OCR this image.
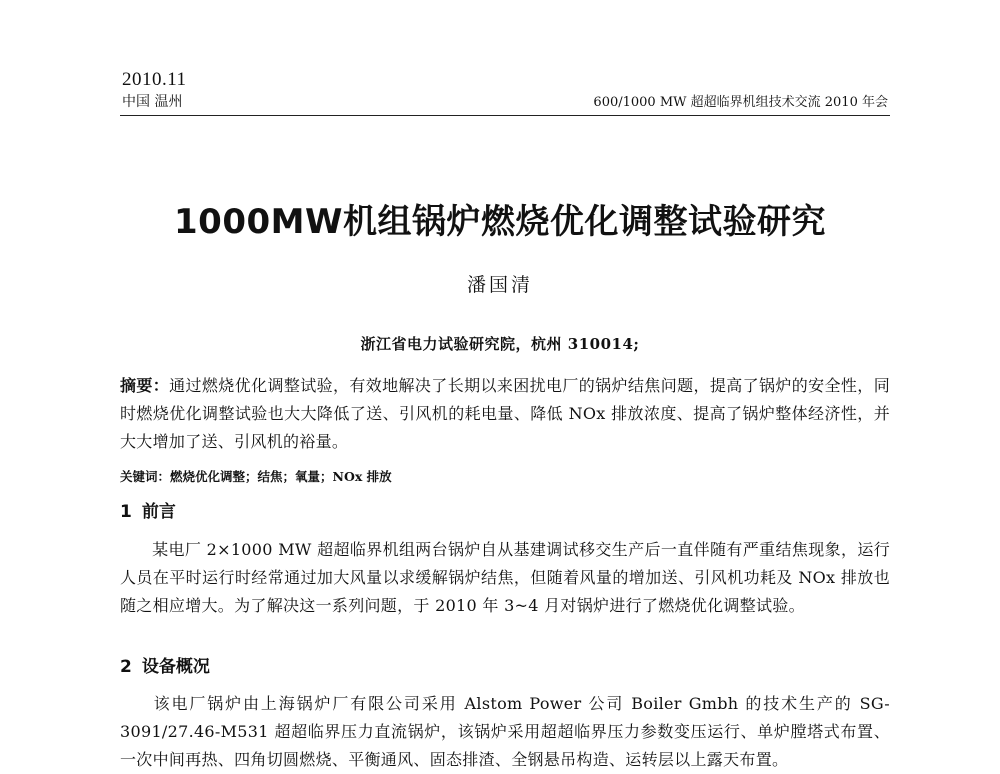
2010.11
中国 温州	600/1000 MW 超超临界机组技术交流 2010 年会
1000MW机组锅炉燃烧优化调整试验研究
潘国清
浙江省电力试验研究院，杭州 310014;
摘要：通过燃烧优化调整试验，有效地解决了长期以来困扰电厂的锅炉结焦问题，提高了锅炉的安全性，同时燃烧优化调整试验也大大降低了送、引风机的耗电量、降低 NOx 排放浓度、提高了锅炉整体经济性，并大大增加了送、引风机的裕量。
关键词：燃烧优化调整；结焦；氧量；NOx 排放
1 前言
某电厂 2×1000 MW 超超临界机组两台锅炉自从基建调试移交生产后一直伴随有严重结焦现象，运行人员在平时运行时经常通过加大风量以求缓解锅炉结焦，但随着风量的增加送、引风机功耗及 NOx 排放也随之相应增大。为了解决这一系列问题，于 2010 年 3~4 月对锅炉进行了燃烧优化调整试验。
2 设备概况
该电厂锅炉由上海锅炉厂有限公司采用 Alstom Power 公司 Boiler Gmbh 的技术生产的 SG-3091/27.46-M531 超超临界压力直流锅炉，该锅炉采用超超临界压力参数变压运行、单炉膛塔式布置、一次中间再热、四角切圆燃烧、平衡通风、固态排渣、全钢悬吊构造、运转层以上露天布置。
